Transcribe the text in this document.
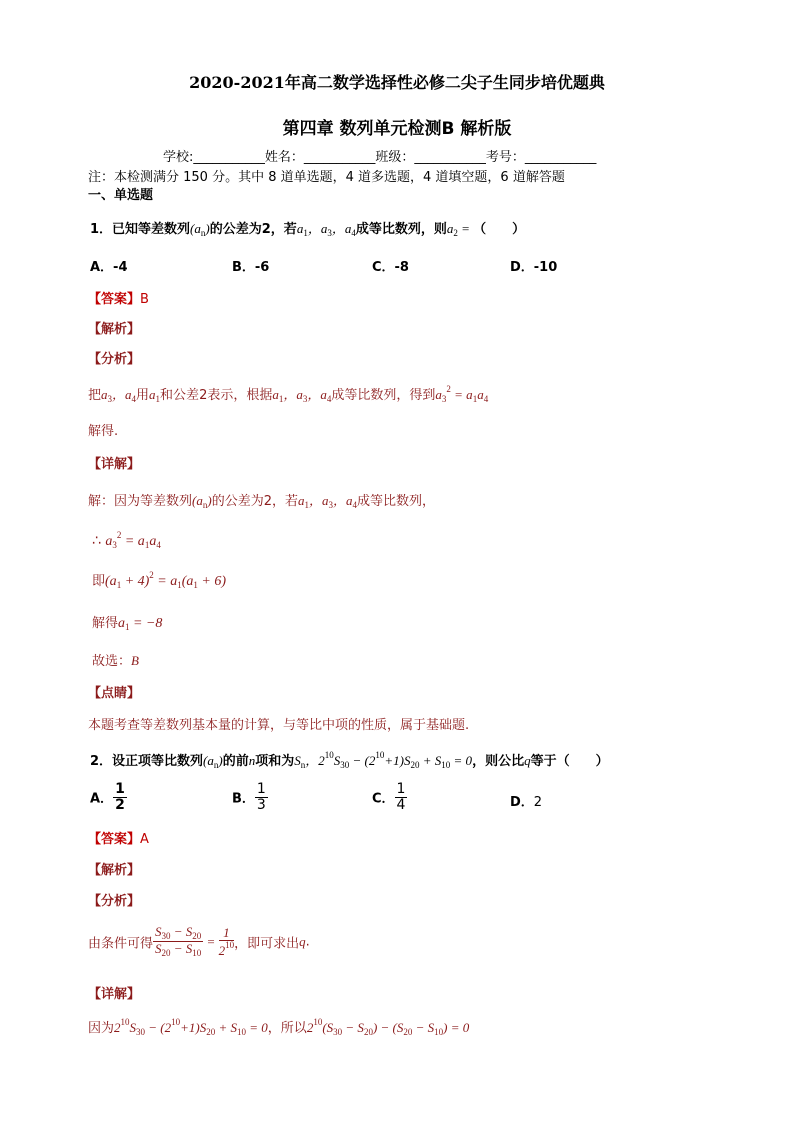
2020-2021年高二数学选择性必修二尖子生同步培优题典
第四章 数列单元检测B 解析版
学校:___________姓名：___________班级：___________考号：___________
注：本检测满分 150 分。其中 8 道单选题，4 道多选题，4 道填空题，6 道解答题
一、单选题
1．已知等差数列$(a_n)$的公差为2，若$a_1$，$a_3$，$a_4$成等比数列，则$a_2$ = （　　）
A．-4	B．-6	C．-8	D．-10
【答案】B
【解析】
【分析】
把$a_3$，$a_4$用$a_1$和公差2表示，根据$a_1$，$a_3$，$a_4$成等比数列，得到$a_3^2 = a_1a_4$
解得.
【详解】
解：因为等差数列$(a_n)$的公差为2，若$a_1$，$a_3$，$a_4$成等比数列，
∴ $a_3^2 = a_1a_4$
即$(a_1 + 4)^2 = a_1(a_1 + 6)$
解得$a_1 = -8$
故选：B
【点睛】
本题考查等差数列基本量的计算，与等比中项的性质，属于基础题.
2．设正项等比数列$(a_n)$的前n项和为$S_n$，$2^{10}S_{30} - (2^{10}+1)S_{20} + S_{10} = 0$，则公比q等于（　　）
A． $\frac{1}{2}$	B． $\frac{1}{3}$	C． $\frac{1}{4}$	D．2
【答案】A
【解析】
【分析】
由条件可得 $\frac{S_{30} - S_{20}}{S_{20} - S_{10}} = \frac{1}{2^{10}}$ ，即可求出q.
【详解】
因为$2^{10}S_{30} - (2^{10}+1)S_{20} + S_{10} = 0$，所以$2^{10}(S_{30} - S_{20}) - (S_{20} - S_{10}) = 0$
